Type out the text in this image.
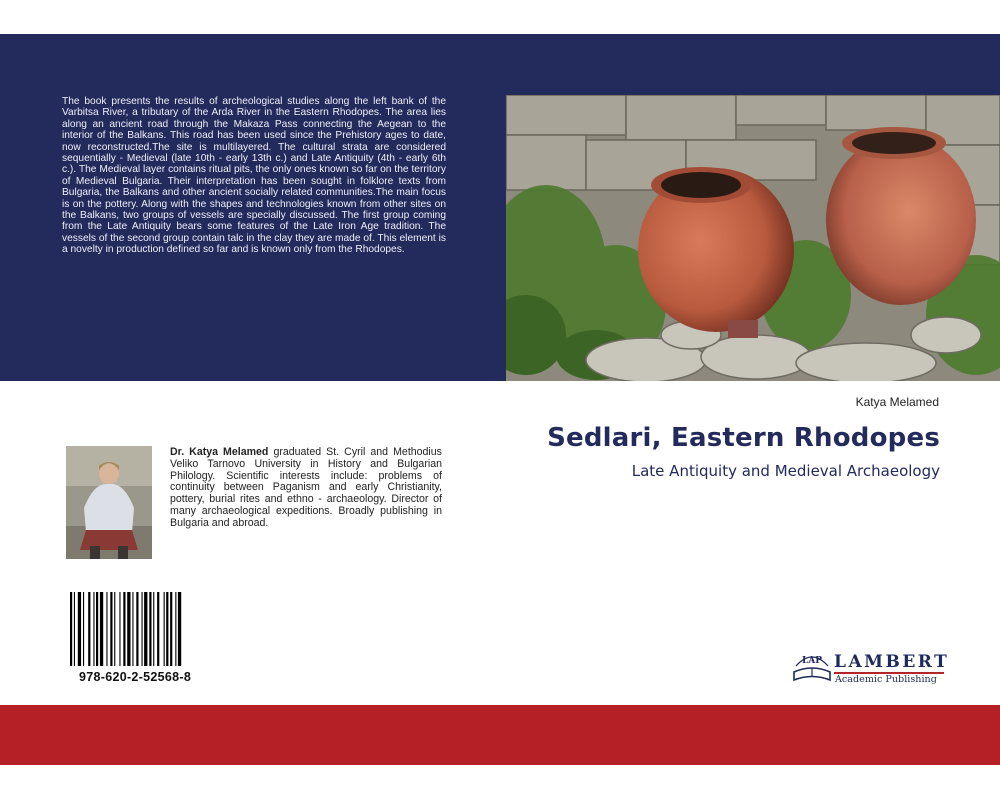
The book presents the results of archeological studies along the left bank of the Varbitsa River, a tributary of the Arda River in the Eastern Rhodopes. The area lies along an ancient road through the Makaza Pass connecting the Aegean to the interior of the Balkans. This road has been used since the Prehistory ages to date, now reconstructed.The site is multilayered. The cultural strata are considered sequentially - Medieval (late 10th - early 13th c.) and Late Antiquity (4th - early 6th c.). The Medieval layer contains ritual pits, the only ones known so far on the territory of Medieval Bulgaria. Their interpretation has been sought in folklore texts from Bulgaria, the Balkans and other ancient socially related communities.The main focus is on the pottery. Along with the shapes and technologies known from other sites on the Balkans, two groups of vessels are specially discussed. The first group coming from the Late Antiquity bears some features of the Late Iron Age tradition. The vessels of the second group contain talc in the clay they are made of. This element is a novelty in production defined so far and is known only from the Rhodopes.

Katya Melamed
Sedlari, Eastern Rhodopes

Late Antiquity and Medieval Archaeology

Dr. Katya Melamed graduated St. Cyril and Methodius Veliko Tarnovo University in History and Bulgarian Philology. Scientific interests include: problems of continuity between Paganism and early Christianity, pottery, burial rites and ethno - archaeology. Director of many archaeological expeditions. Broadly publishing in Bulgaria and abroad.

978-620-2-52568-8
LAP LAMBERT
Academic Publishing
